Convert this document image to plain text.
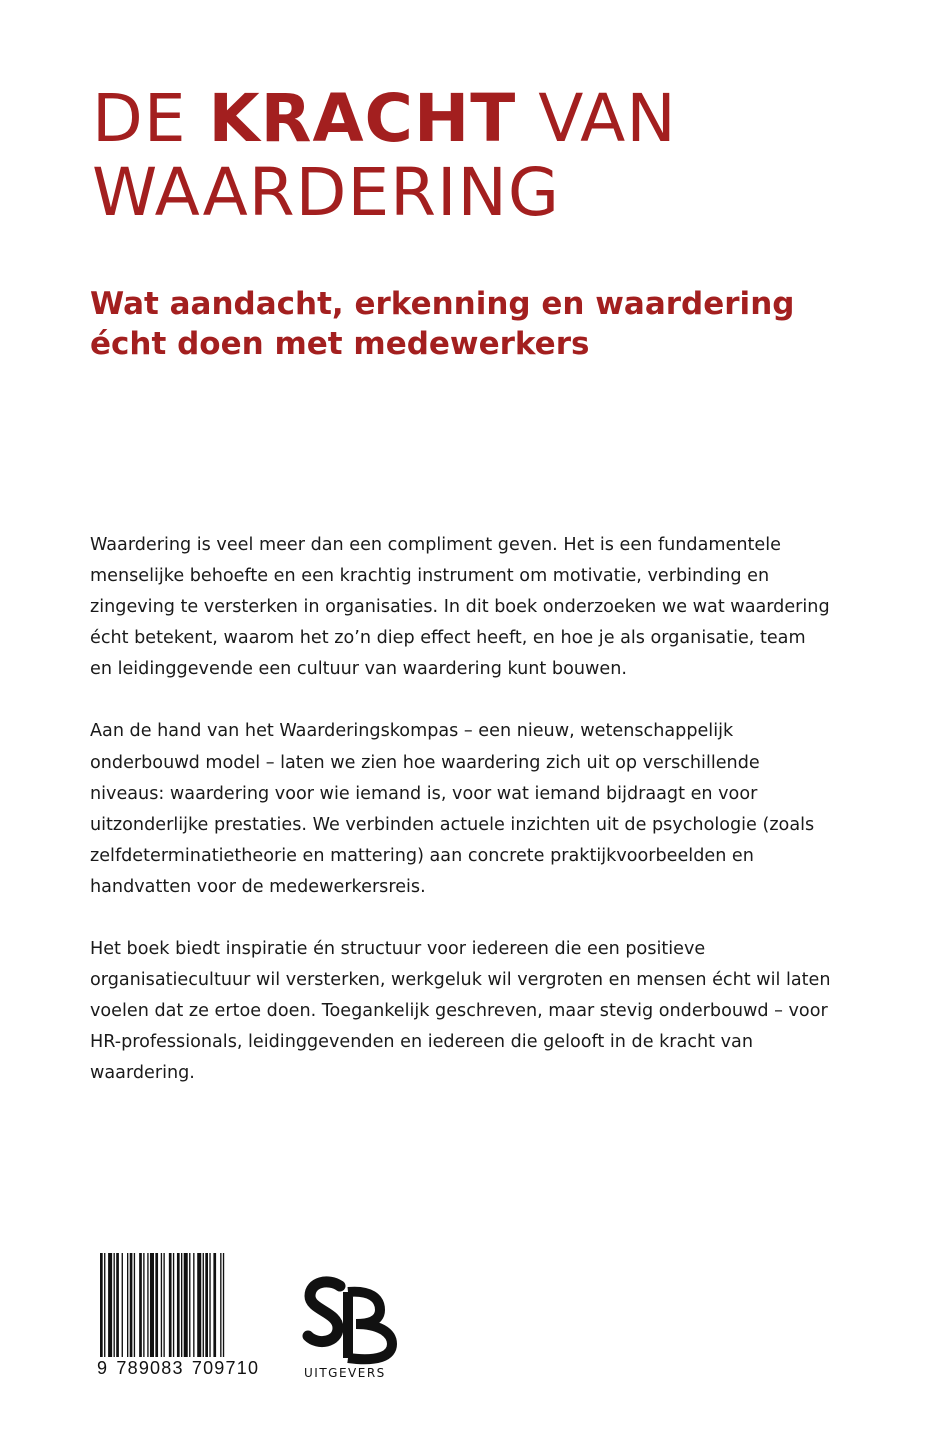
DE KRACHT VAN
WAARDERING
Wat aandacht, erkenning en waardering
écht doen met medewerkers

Waardering is veel meer dan een compliment geven. Het is een fundamentele
menselijke behoefte en een krachtig instrument om motivatie, verbinding en
zingeving te versterken in organisaties. In dit boek onderzoeken we wat waardering
écht betekent, waarom het zo’n diep effect heeft, en hoe je als organisatie, team
en leidinggevende een cultuur van waardering kunt bouwen.

Aan de hand van het Waarderingskompas – een nieuw, wetenschappelijk
onderbouwd model – laten we zien hoe waardering zich uit op verschillende
niveaus: waardering voor wie iemand is, voor wat iemand bijdraagt en voor
uitzonderlijke prestaties. We verbinden actuele inzichten uit de psychologie (zoals
zelfdeterminatietheorie en mattering) aan concrete praktijkvoorbeelden en
handvatten voor de medewerkersreis.

Het boek biedt inspiratie én structuur voor iedereen die een positieve
organisatiecultuur wil versterken, werkgeluk wil vergroten en mensen écht wil laten
voelen dat ze ertoe doen. Toegankelijk geschreven, maar stevig onderbouwd – voor
HR-professionals, leidinggevenden en iedereen die gelooft in de kracht van
waardering.

9 789083 709710	UITGEVERS
